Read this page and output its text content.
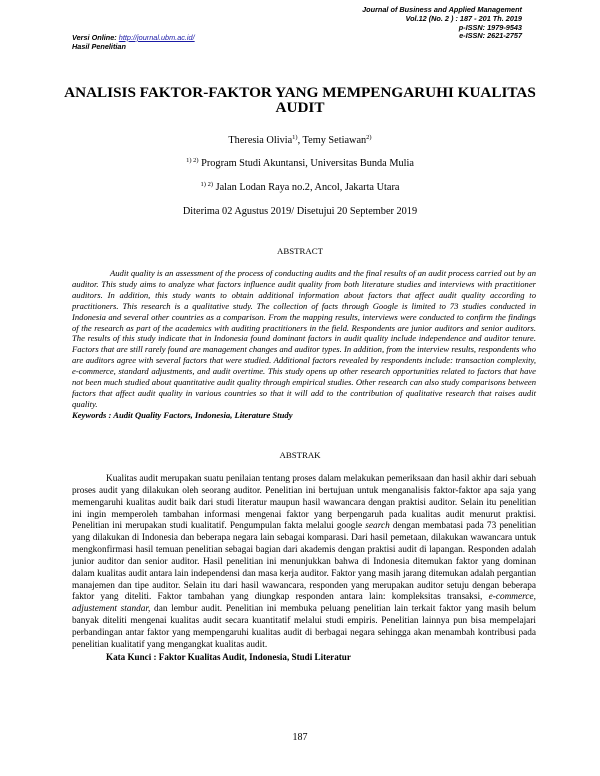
Versi Online: http://journal.ubm.ac.id/
Hasil Penelitian
Journal of Business and Applied Management
Vol.12 (No. 2 ) : 187 - 201 Th. 2019
p-ISSN: 1979-9543
e-ISSN: 2621-2757
ANALISIS FAKTOR-FAKTOR YANG MEMPENGARUHI KUALITAS
AUDIT
Theresia Olivia$^{1)}$, Temy Setiawan$^{2)}$
$^{1) 2)}$ Program Studi Akuntansi, Universitas Bunda Mulia
$^{1) 2)}$ Jalan Lodan Raya no.2, Ancol, Jakarta Utara
Diterima 02 Agustus 2019/ Disetujui 20 September 2019
ABSTRACT

Audit quality is an assessment of the process of conducting audits and the final results of an audit process carried out by an auditor. This study aims to analyze what factors influence audit quality from both literature studies and interviews with practitioner auditors. In addition, this study wants to obtain additional information about factors that affect audit quality according to practitioners. This research is a qualitative study. The collection of facts through Google is limited to 73 studies conducted in Indonesia and several other countries as a comparison. From the mapping results, interviews were conducted to confirm the findings of the research as part of the academics with auditing practitioners in the field. Respondents are junior auditors and senior auditors. The results of this study indicate that in Indonesia found dominant factors in audit quality include independence and auditor tenure. Factors that are still rarely found are management changes and auditor types. In addition, from the interview results, respondents who are auditors agree with several factors that were studied. Additional factors revealed by respondents include: transaction complexity, e-commerce, standard adjustments, and audit overtime. This study opens up other research opportunities related to factors that have not been much studied about quantitative audit quality through empirical studies. Other research can also study comparisons between factors that affect audit quality in various countries so that it will add to the contribution of qualitative research that raises audit quality.

Keywords : Audit Quality Factors, Indonesia, Literature Study
ABSTRAK

Kualitas audit merupakan suatu penilaian tentang proses dalam melakukan pemeriksaan dan hasil akhir dari sebuah proses audit yang dilakukan oleh seorang auditor. Penelitian ini bertujuan untuk menganalisis faktor-faktor apa saja yang memengaruhi kualitas audit baik dari studi literatur maupun hasil wawancara dengan praktisi auditor. Selain itu penelitian ini ingin memperoleh tambahan informasi mengenai faktor yang berpengaruh pada kualitas audit menurut praktisi. Penelitian ini merupakan studi kualitatif. Pengumpulan fakta melalui google search dengan membatasi pada 73 penelitian yang dilakukan di Indonesia dan beberapa negara lain sebagai komparasi. Dari hasil pemetaan, dilakukan wawancara untuk mengkonfirmasi hasil temuan penelitian sebagai bagian dari akademis dengan praktisi audit di lapangan. Responden adalah junior auditor dan senior auditor. Hasil penelitian ini menunjukkan bahwa di Indonesia ditemukan faktor yang dominan dalam kualitas audit antara lain independensi dan masa kerja auditor. Faktor yang masih jarang ditemukan adalah pergantian manajemen dan tipe auditor. Selain itu dari hasil wawancara, responden yang merupakan auditor setuju dengan beberapa faktor yang diteliti. Faktor tambahan yang diungkap responden antara lain: kompleksitas transaksi, e-commerce, adjustement standar, dan lembur audit. Penelitian ini membuka peluang penelitian lain terkait faktor yang masih belum banyak diteliti mengenai kualitas audit secara kuantitatif melalui studi empiris. Penelitian lainnya pun bisa mempelajari perbandingan antar faktor yang mempengaruhi kualitas audit di berbagai negara sehingga akan menambah kontribusi pada penelitian kualitatif yang mengangkat kualitas audit.

Kata Kunci : Faktor Kualitas Audit, Indonesia, Studi Literatur

187
